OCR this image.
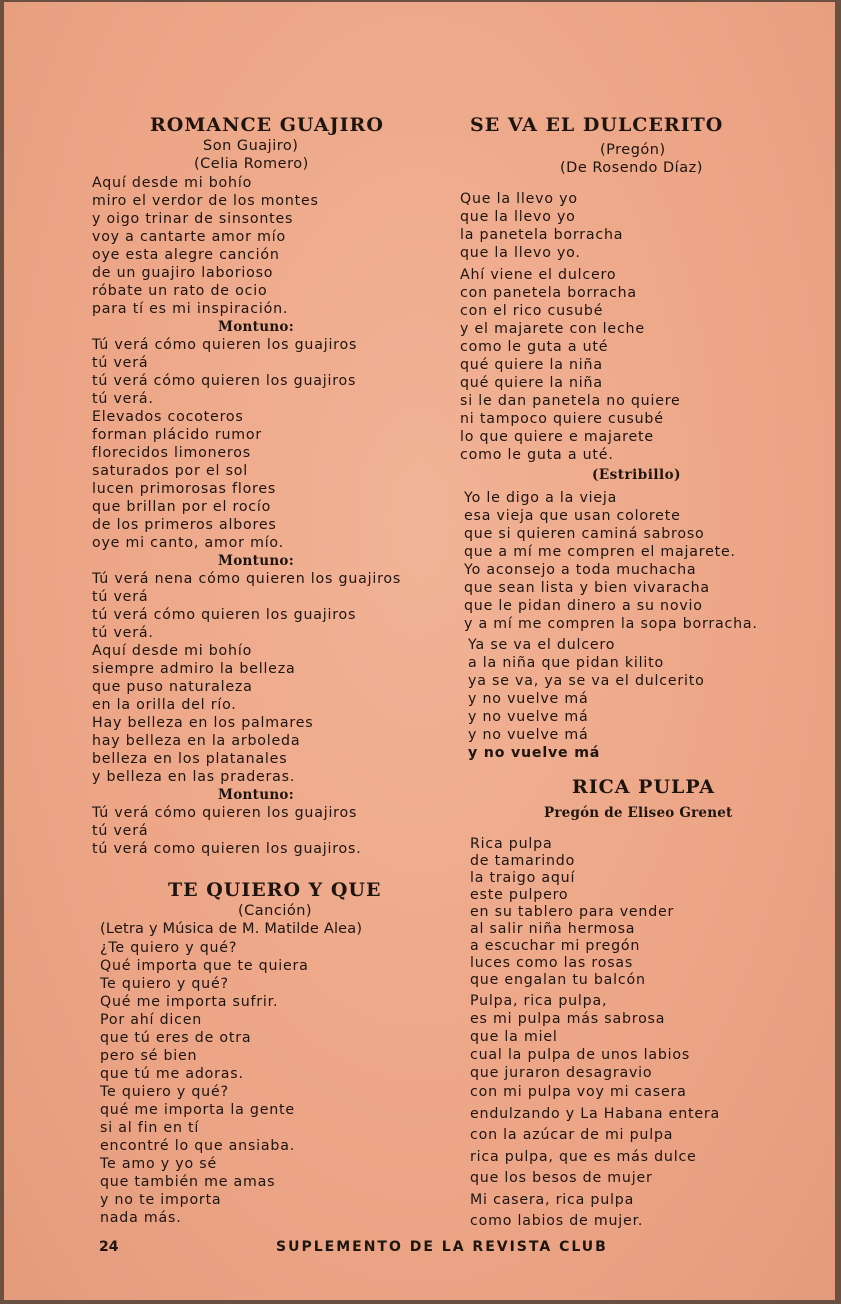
ROMANCE GUAJIRO
Son Guajiro)
(Celia Romero)
Aquí desde mi bohío
miro el verdor de los montes
y oigo trinar de sinsontes
voy a cantarte amor mío
oye esta alegre canción
de un guajiro laborioso
róbate un rato de ocio
para tí es mi inspiración.
Montuno:
Tú verá cómo quieren los guajiros
tú verá
tú verá cómo quieren los guajiros
tú verá.
Elevados cocoteros
forman plácido rumor
florecidos limoneros
saturados por el sol
lucen primorosas flores
que brillan por el rocío
de los primeros albores
oye mi canto, amor mío.
Montuno:
Tú verá nena cómo quieren los guajiros
tú verá
tú verá cómo quieren los guajiros
tú verá.
Aquí desde mi bohío
siempre admiro la belleza
que puso naturaleza
en la orilla del río.
Hay belleza en los palmares
hay belleza en la arboleda
belleza en los platanales
y belleza en las praderas.
Montuno:
Tú verá cómo quieren los guajiros
tú verá
tú verá como quieren los guajiros.
TE QUIERO Y QUE
(Canción)
(Letra y Música de M. Matilde Alea)
¿Te quiero y qué?
Qué importa que te quiera
Te quiero y qué?
Qué me importa sufrir.
Por ahí dicen
que tú eres de otra
pero sé bien
que tú me adoras.
Te quiero y qué?
qué me importa la gente
si al fin en tí
encontré lo que ansiaba.
Te amo y yo sé
que también me amas
y no te importa
nada más.
SE VA EL DULCERITO
(Pregón)
(De Rosendo Díaz)
Que la llevo yo
que la llevo yo
la panetela borracha
que la llevo yo.
Ahí viene el dulcero
con panetela borracha
con el rico cusubé
y el majarete con leche
como le guta a uté
qué quiere la niña
qué quiere la niña
si le dan panetela no quiere
ni tampoco quiere cusubé
lo que quiere e majarete
como le guta a uté.
(Estribillo)
Yo le digo a la vieja
esa vieja que usan colorete
que si quieren caminá sabroso
que a mí me compren el majarete.
Yo aconsejo a toda muchacha
que sean lista y bien vivaracha
que le pidan dinero a su novio
y a mí me compren la sopa borracha.
Ya se va el dulcero
a la niña que pidan kilito
ya se va, ya se va el dulcerito
y no vuelve má
y no vuelve má
y no vuelve má
y no vuelve má
RICA PULPA
Pregón de Eliseo Grenet
Rica pulpa
de tamarindo
la traigo aquí
este pulpero
en su tablero para vender
al salir niña hermosa
a escuchar mi pregón
luces como las rosas
que engalan tu balcón
Pulpa, rica pulpa,
es mi pulpa más sabrosa
que la miel
cual la pulpa de unos labios
que juraron desagravio
con mi pulpa voy mi casera
endulzando y La Habana entera
con la azúcar de mi pulpa
rica pulpa, que es más dulce
que los besos de mujer
Mi casera, rica pulpa
como labios de mujer.
24	SUPLEMENTO DE LA REVISTA CLUB
